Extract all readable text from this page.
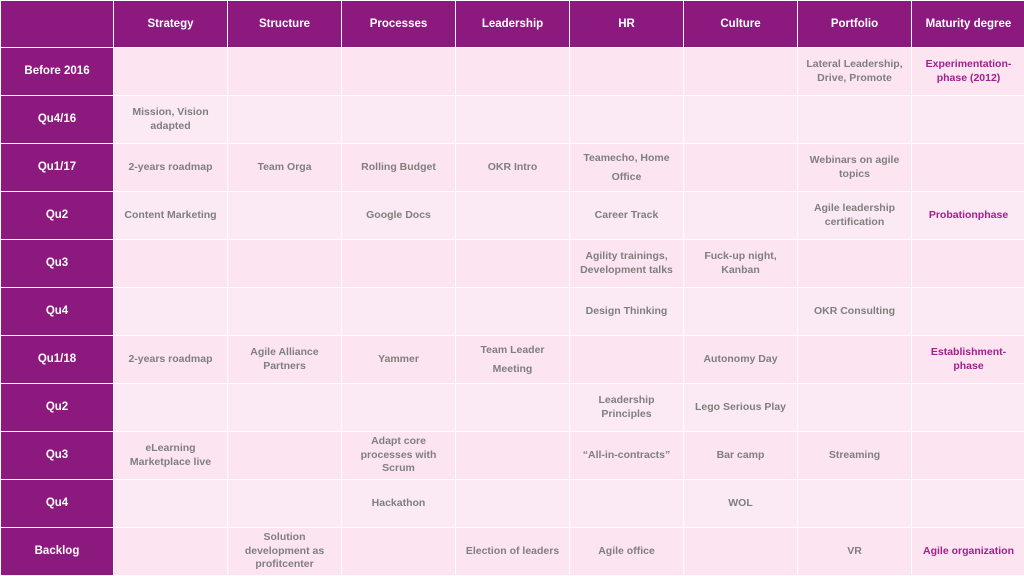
	Strategy	Structure	Processes	Leadership	HR	Culture	Portfolio	Maturity degree
Before 2016							Lateral Leadership, Drive, Promote	Experimentation-phase (2012)
Qu4/16	Mission, Vision adapted							
Qu1/17	2-years roadmap	Team Orga	Rolling Budget	OKR Intro	Teamecho, Home Office		Webinars on agile topics	
Qu2	Content Marketing		Google Docs		Career Track		Agile leadership certification	Probationphase
Qu3					Agility trainings, Development talks	Fuck-up night, Kanban		
Qu4					Design Thinking		OKR Consulting	
Qu1/18	2-years roadmap	Agile Alliance Partners	Yammer	Team Leader Meeting		Autonomy Day		Establishment-phase
Qu2					Leadership Principles	Lego Serious Play		
Qu3	eLearning Marketplace live		Adapt core processes with Scrum		“All-in-contracts”	Bar camp	Streaming	
Qu4			Hackathon			WOL		
Backlog		Solution development as profitcenter		Election of leaders	Agile office		VR	Agile organization
